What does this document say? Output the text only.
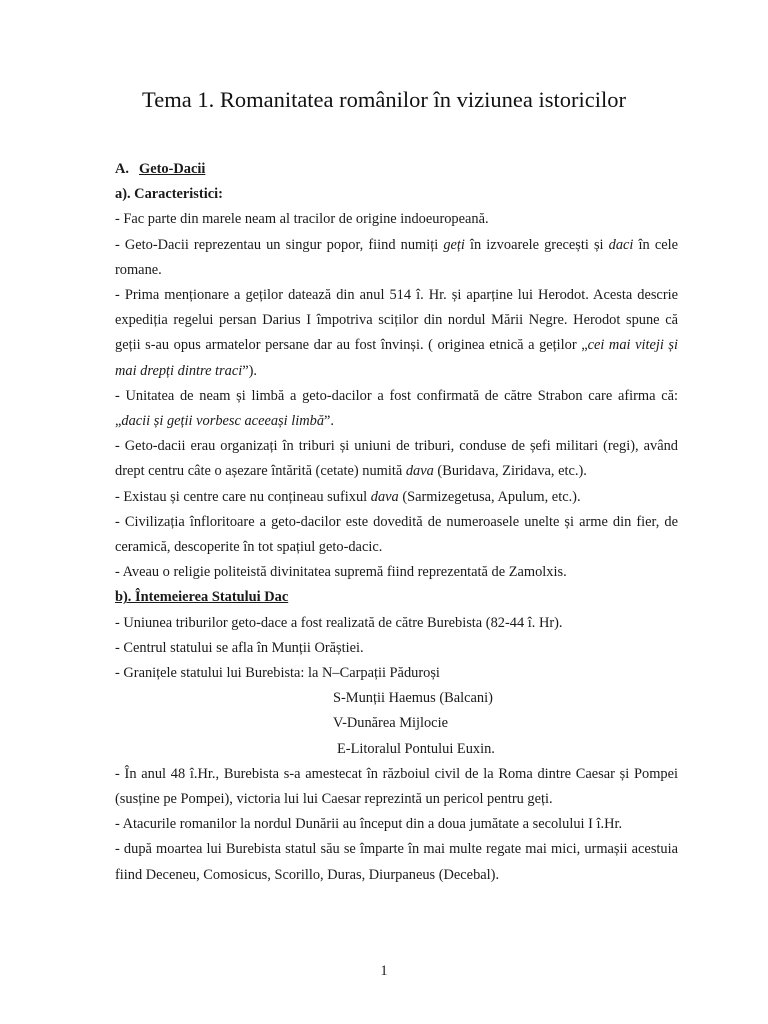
Tema 1. Romanitatea românilor în viziunea istoricilor
A. Geto-Dacii
a). Caracteristici:
- Fac parte din marele neam al tracilor de origine indoeuropeană.
- Geto-Dacii reprezentau un singur popor, fiind numiți geți în izvoarele grecești și daci în cele romane.
- Prima menționare a geților datează din anul 514 î. Hr. și aparține lui Herodot. Acesta descrie expediția regelui persan Darius I împotriva sciților din nordul Mării Negre. Herodot spune că geții s-au opus armatelor persane dar au fost învinși. ( originea etnică a geților „cei mai viteji și mai drepți dintre traci”).
- Unitatea de neam și limbă a geto-dacilor a fost confirmată de către Strabon care afirma că: „dacii și geții vorbesc aceeași limbă”.
- Geto-dacii erau organizați în triburi și uniuni de triburi, conduse de șefi militari (regi), având drept centru câte o așezare întărită (cetate) numită dava (Buridava, Ziridava, etc.).
- Existau și centre care nu conțineau sufixul dava (Sarmizegetusa, Apulum, etc.).
- Civilizația înfloritoare a geto-dacilor este dovedită de numeroasele unelte și arme din fier, de ceramică, descoperite în tot spațiul geto-dacic.
- Aveau o religie politeistă divinitatea supremă fiind reprezentată de Zamolxis.
b). Întemeierea Statului Dac
- Uniunea triburilor geto-dace a fost realizată de către Burebista (82-44 î. Hr).
- Centrul statului se afla în Munții Orăștiei.
- Granițele statului lui Burebista: la N–Carpații Păduroși
S-Munții Haemus (Balcani)
V-Dunărea Mijlocie
E-Litoralul Pontului Euxin.
- În anul 48 î.Hr., Burebista s-a amestecat în războiul civil de la Roma dintre Caesar și Pompei (susține pe Pompei), victoria lui lui Caesar reprezintă un pericol pentru geți.
- Atacurile romanilor la nordul Dunării au început din a doua jumătate a secolului I î.Hr.
- după moartea lui Burebista statul său se împarte în mai multe regate mai mici, urmașii acestuia fiind Deceneu, Comosicus, Scorillo, Duras, Diurpaneus (Decebal).
1
